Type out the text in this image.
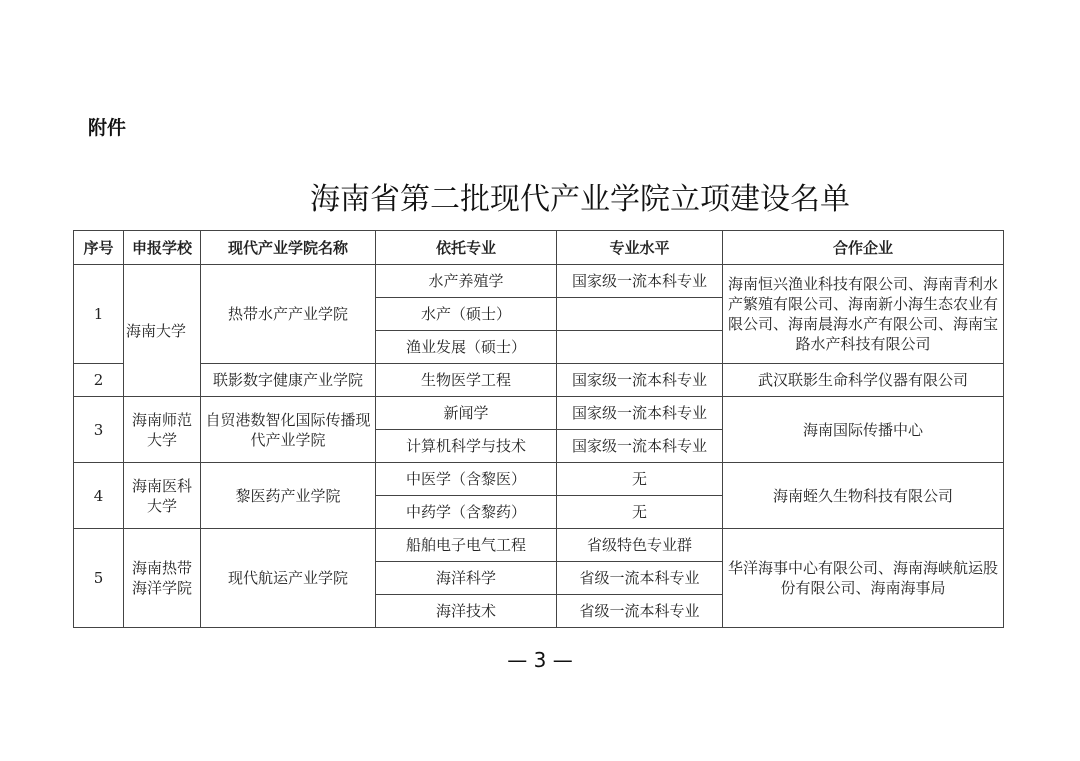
附件
海南省第二批现代产业学院立项建设名单
序号	申报学校	现代产业学院名称	依托专业	专业水平	合作企业
1	海南大学	热带水产产业学院	水产养殖学	国家级一流本科专业	海南恒兴渔业科技有限公司、海南青利水产繁殖有限公司、海南新小海生态农业有限公司、海南晨海水产有限公司、海南宝路水产科技有限公司
			水产（硕士）		
			渔业发展（硕士）		
2		联影数字健康产业学院	生物医学工程	国家级一流本科专业	武汉联影生命科学仪器有限公司
3	海南师范大学	自贸港数智化国际传播现代产业学院	新闻学	国家级一流本科专业	海南国际传播中心
			计算机科学与技术	国家级一流本科专业	
4	海南医科大学	黎医药产业学院	中医学（含黎医）	无	海南蛭久生物科技有限公司
			中药学（含黎药）	无	
5	海南热带海洋学院	现代航运产业学院	船舶电子电气工程	省级特色专业群	华洋海事中心有限公司、海南海峡航运股份有限公司、海南海事局
			海洋科学	省级一流本科专业	
			海洋技术	省级一流本科专业	
— 3 —
